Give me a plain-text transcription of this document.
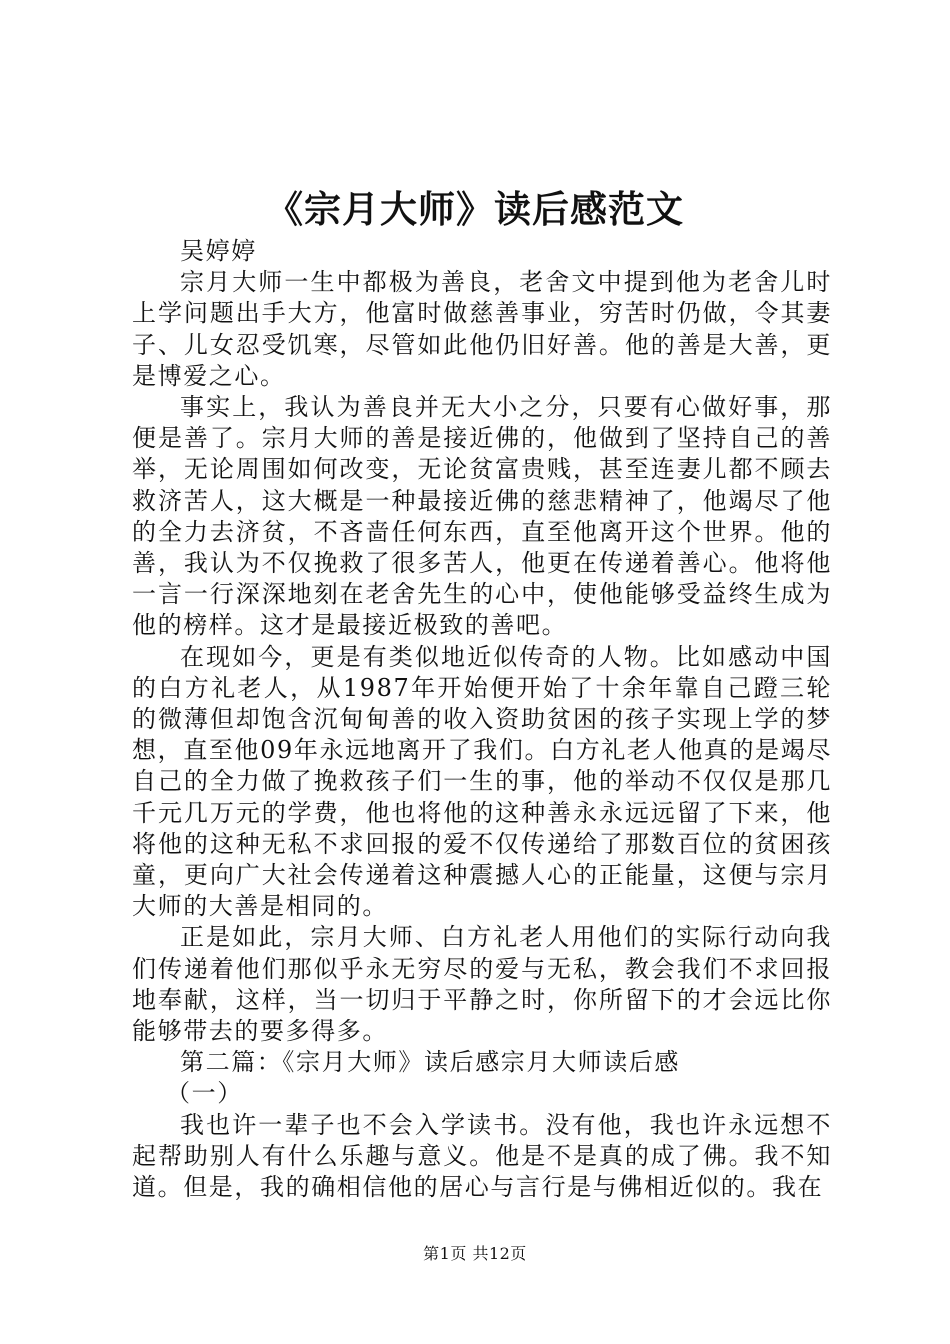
《宗月大师》读后感范文

吴婷婷

宗月大师一生中都极为善良，老舍文中提到他为老舍儿时上学问题出手大方，他富时做慈善事业，穷苦时仍做，令其妻子、儿女忍受饥寒，尽管如此他仍旧好善。他的善是大善，更是博爱之心。

事实上，我认为善良并无大小之分，只要有心做好事，那便是善了。宗月大师的善是接近佛的，他做到了坚持自己的善举，无论周围如何改变，无论贫富贵贱，甚至连妻儿都不顾去救济苦人，这大概是一种最接近佛的慈悲精神了，他竭尽了他的全力去济贫，不吝啬任何东西，直至他离开这个世界。他的善，我认为不仅挽救了很多苦人，他更在传递着善心。他将他一言一行深深地刻在老舍先生的心中，使他能够受益终生成为他的榜样。这才是最接近极致的善吧。

在现如今，更是有类似地近似传奇的人物。比如感动中国的白方礼老人，从1987年开始便开始了十余年靠自己蹬三轮的微薄但却饱含沉甸甸善的收入资助贫困的孩子实现上学的梦想，直至他09年永远地离开了我们。白方礼老人他真的是竭尽自己的全力做了挽救孩子们一生的事，他的举动不仅仅是那几千元几万元的学费，他也将他的这种善永永远远留了下来，他将他的这种无私不求回报的爱不仅传递给了那数百位的贫困孩童，更向广大社会传递着这种震撼人心的正能量，这便与宗月大师的大善是相同的。

正是如此，宗月大师、白方礼老人用他们的实际行动向我们传递着他们那似乎永无穷尽的爱与无私，教会我们不求回报地奉献，这样，当一切归于平静之时，你所留下的才会远比你能够带去的要多得多。

第二篇：《宗月大师》读后感宗月大师读后感

（一）

我也许一辈子也不会入学读书。没有他，我也许永远想不起帮助别人有什么乐趣与意义。他是不是真的成了佛。我不知道。但是，我的确相信他的居心与言行是与佛相近似的。我在

第1页 共12页
